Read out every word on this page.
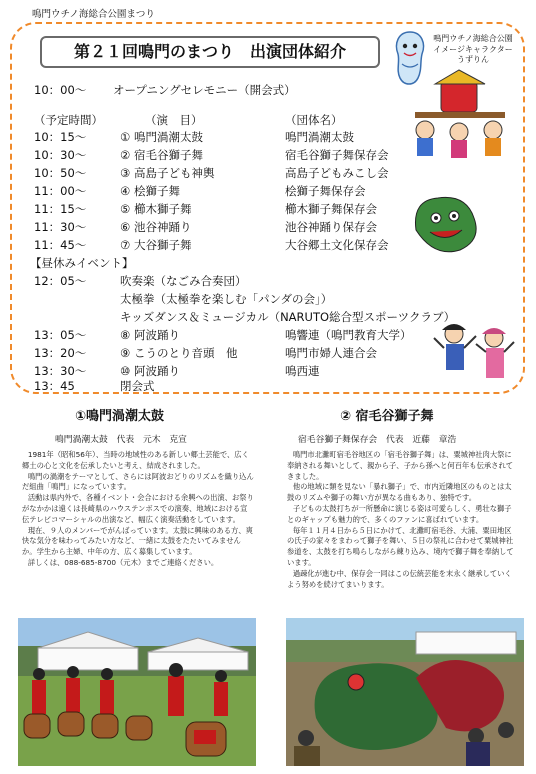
鳴門ウチノ海総合公園まつり
第２１回鳴門のまつり　出演団体紹介
鳴門ウチノ海総合公園
イメージキャラクター
うずりん
10：00～ オープニングセレモニー（開会式）
（予定時間）	（演　目）	（団体名）
10：15～	① 鳴門渦潮太鼓	鳴門渦潮太鼓
10：30～	② 宿毛谷獅子舞	宿毛谷獅子舞保存会
10：50～	③ 高島子ども神輿	高島子どもみこし会
11：00～	④ 桧獅子舞	桧獅子舞保存会
11：15～	⑤ 櫛木獅子舞	櫛木獅子舞保存会
11：30～	⑥ 池谷神踊り	池谷神踊り保存会
11：45～	⑦ 大谷獅子舞	大谷郷土文化保存会
【昼休みイベント】
12：05～	吹奏楽（なごみ合奏団）
太極拳（太極拳を楽しむ「パンダの会」）
キッズダンス＆ミュージカル（NARUTO総合型スポーツクラブ）
13：05～	⑧ 阿波踊り	鳴響連（鳴門教育大学）
13：20～	⑨ こうのとり音頭　他	鳴門市婦人連合会
13：30～	⑩ 阿波踊り	鳴西連
13：45	閉会式
①鳴門渦潮太鼓
鳴門渦潮太鼓　代表　元木　克宣

1981年（昭和56年）、当時の地域性のある新しい郷土芸能で、広く郷土の心と文化を伝承したいと考え、結成されました。

鳴門の渦潮をテーマとして、さらには阿波おどりのリズムを織り込んだ組曲「鳴門」になっています。

活動は県内外で、各種イベント・会合における余興への出演、お祭りがなかかは遠くは長崎県のハウステンボスでの演奏、地域における宣伝テレビコマーシャルの出演など、幅広く演奏活動をしています。

現在、９人のメンバーでがんばっています。太鼓に興味のある方、爽快な気分を味わってみたい方など、一緒に太鼓をたたいてみませんか。学生から主婦、中年の方、広く募集しています。

詳しくは、088-685-8700（元木）までご連絡ください。

② 宿毛谷獅子舞
宿毛谷獅子舞保存会　代表　近藤　章浩

鳴門市北灘町宿毛谷地区の「宿毛谷獅子舞」は、粟城神社肉大祭に奉納される舞いとして、親から子、子から孫へと何百年も伝承されてきました。

他の地域に類を見ない「暴れ獅子」で、市内近隣地区のものとは太鼓のリズムや獅子の舞い方が異なる曲もあり、独特です。

子どもの太鼓打ちが一所懸命に演じる姿は可愛らしく、勇壮な獅子とのギャップも魅力的で、多くのファンに喜ばれています。

毎年１１月４日から５日にかけて、北灘町宿毛谷、大浦、粟田地区の氏子の家々をまわって獅子を舞い、５日の祭礼に合わせて粟城神社参道を、太鼓を打ち鳴らしながら練り込み、境内で獅子舞を奉納しています。

過疎化が進む中、保存会一同はこの伝統芸能を末永く継承していくよう努めを続けてまいります。
